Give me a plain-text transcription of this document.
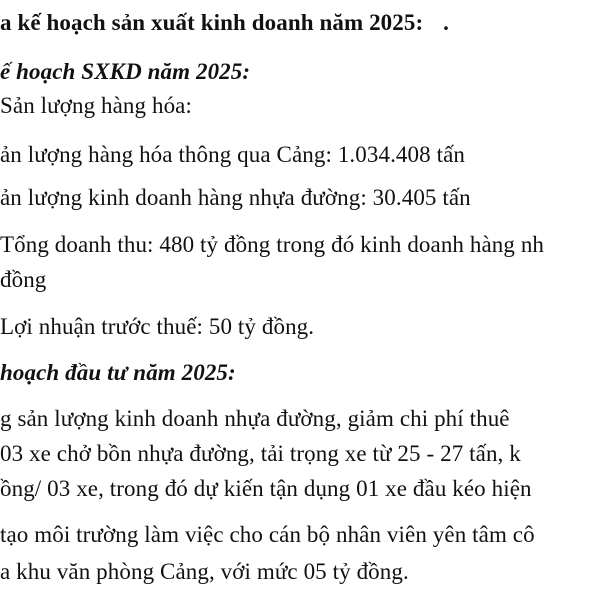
a kế hoạch sản xuất kinh doanh năm 2025: .
ế hoạch SXKD năm 2025:
Sản lượng hàng hóa:
ản lượng hàng hóa thông qua Cảng: 1.034.408 tấn
ản lượng kinh doanh hàng nhựa đường: 30.405 tấn
Tổng doanh thu: 480 tỷ đồng trong đó kinh doanh hàng nh
đồng
Lợi nhuận trước thuế: 50 tỷ đồng.
hoạch đầu tư năm 2025:
g sản lượng kinh doanh nhựa đường, giảm chi phí thuê
03 xe chở bồn nhựa đường, tải trọng xe từ 25 - 27 tấn, k
ồng/ 03 xe, trong đó dự kiến tận dụng 01 xe đầu kéo hiện
tạo môi trường làm việc cho cán bộ nhân viên yên tâm cô
a khu văn phòng Cảng, với mức 05 tỷ đồng.
